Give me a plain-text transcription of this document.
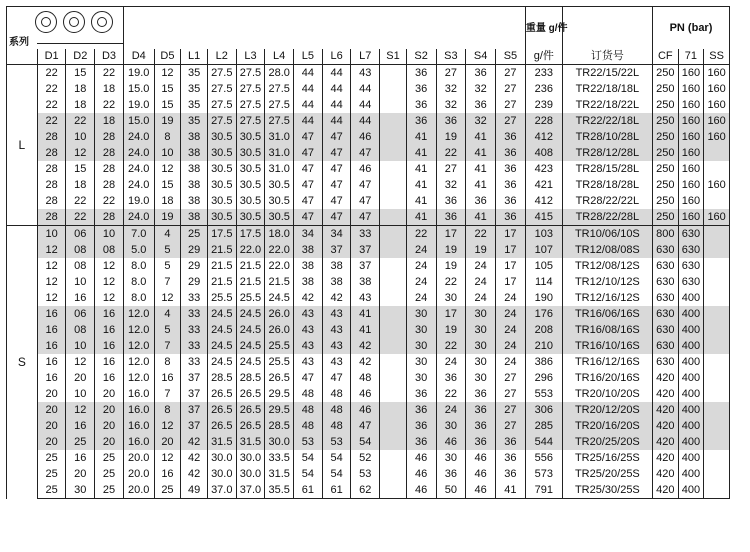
系列																		重量 g/件		PN (bar)		
	D1	D2	D3	D4	D5	L1	L2	L3	L4	L5	L6	L7	S1	S2	S3	S4	S5	g/件	订货号	CF	71	SS
L	22	15	22	19.0	12	35	27.5	27.5	28.0	44	44	43		36	27	36	27	233	TR22/15/22L	250	160	160
	22	18	18	15.0	15	35	27.5	27.5	27.5	44	44	44		36	32	32	27	236	TR22/18/18L	250	160	160
	22	18	22	19.0	15	35	27.5	27.5	27.5	44	44	44		36	32	36	27	239	TR22/18/22L	250	160	160
	22	22	18	15.0	19	35	27.5	27.5	27.5	44	44	44		36	36	32	27	228	TR22/22/18L	250	160	160
	28	10	28	24.0	8	38	30.5	30.5	31.0	47	47	46		41	19	41	36	412	TR28/10/28L	250	160	160
	28	12	28	24.0	10	38	30.5	30.5	31.0	47	47	47		41	22	41	36	408	TR28/12/28L	250	160	
	28	15	28	24.0	12	38	30.5	30.5	31.0	47	47	46		41	27	41	36	423	TR28/15/28L	250	160	
	28	18	28	24.0	15	38	30.5	30.5	30.5	47	47	47		41	32	41	36	421	TR28/18/28L	250	160	160
	28	22	22	19.0	18	38	30.5	30.5	30.5	47	47	47		41	36	36	36	412	TR28/22/22L	250	160	
	28	22	28	24.0	19	38	30.5	30.5	30.5	47	47	47		41	36	41	36	415	TR28/22/28L	250	160	160
S	10	06	10	7.0	4	25	17.5	17.5	18.0	34	34	33		22	17	22	17	103	TR10/06/10S	800	630	
	12	08	08	5.0	5	29	21.5	22.0	22.0	38	37	37		24	19	19	17	107	TR12/08/08S	630	630	
	12	08	12	8.0	5	29	21.5	21.5	22.0	38	38	37		24	19	24	17	105	TR12/08/12S	630	630	
	12	10	12	8.0	7	29	21.5	21.5	21.5	38	38	38		24	22	24	17	114	TR12/10/12S	630	630	
	12	16	12	8.0	12	33	25.5	25.5	24.5	42	42	43		24	30	24	24	190	TR12/16/12S	630	400	
	16	06	16	12.0	4	33	24.5	24.5	26.0	43	43	41		30	17	30	24	176	TR16/06/16S	630	400	
	16	08	16	12.0	5	33	24.5	24.5	26.0	43	43	41		30	19	30	24	208	TR16/08/16S	630	400	
	16	10	16	12.0	7	33	24.5	24.5	25.5	43	43	42		30	22	30	24	210	TR16/10/16S	630	400	
	16	12	16	12.0	8	33	24.5	24.5	25.5	43	43	42		30	24	30	24	386	TR16/12/16S	630	400	
	16	20	16	12.0	16	37	28.5	28.5	26.5	47	47	48		30	36	30	27	296	TR16/20/16S	420	400	
	20	10	20	16.0	7	37	26.5	26.5	29.5	48	48	46		36	22	36	27	553	TR20/10/20S	420	400	
	20	12	20	16.0	8	37	26.5	26.5	29.5	48	48	46		36	24	36	27	306	TR20/12/20S	420	400	
	20	16	20	16.0	12	37	26.5	26.5	28.5	48	48	47		36	30	36	27	285	TR20/16/20S	420	400	
	20	25	20	16.0	20	42	31.5	31.5	30.0	53	53	54		36	46	36	36	544	TR20/25/20S	420	400	
	25	16	25	20.0	12	42	30.0	30.0	33.5	54	54	52		46	30	46	36	556	TR25/16/25S	420	400	
	25	20	25	20.0	16	42	30.0	30.0	31.5	54	54	53		46	36	46	36	573	TR25/20/25S	420	400	
	25	30	25	20.0	25	49	37.0	37.0	35.5	61	61	62		46	50	46	41	791	TR25/30/25S	420	400	
